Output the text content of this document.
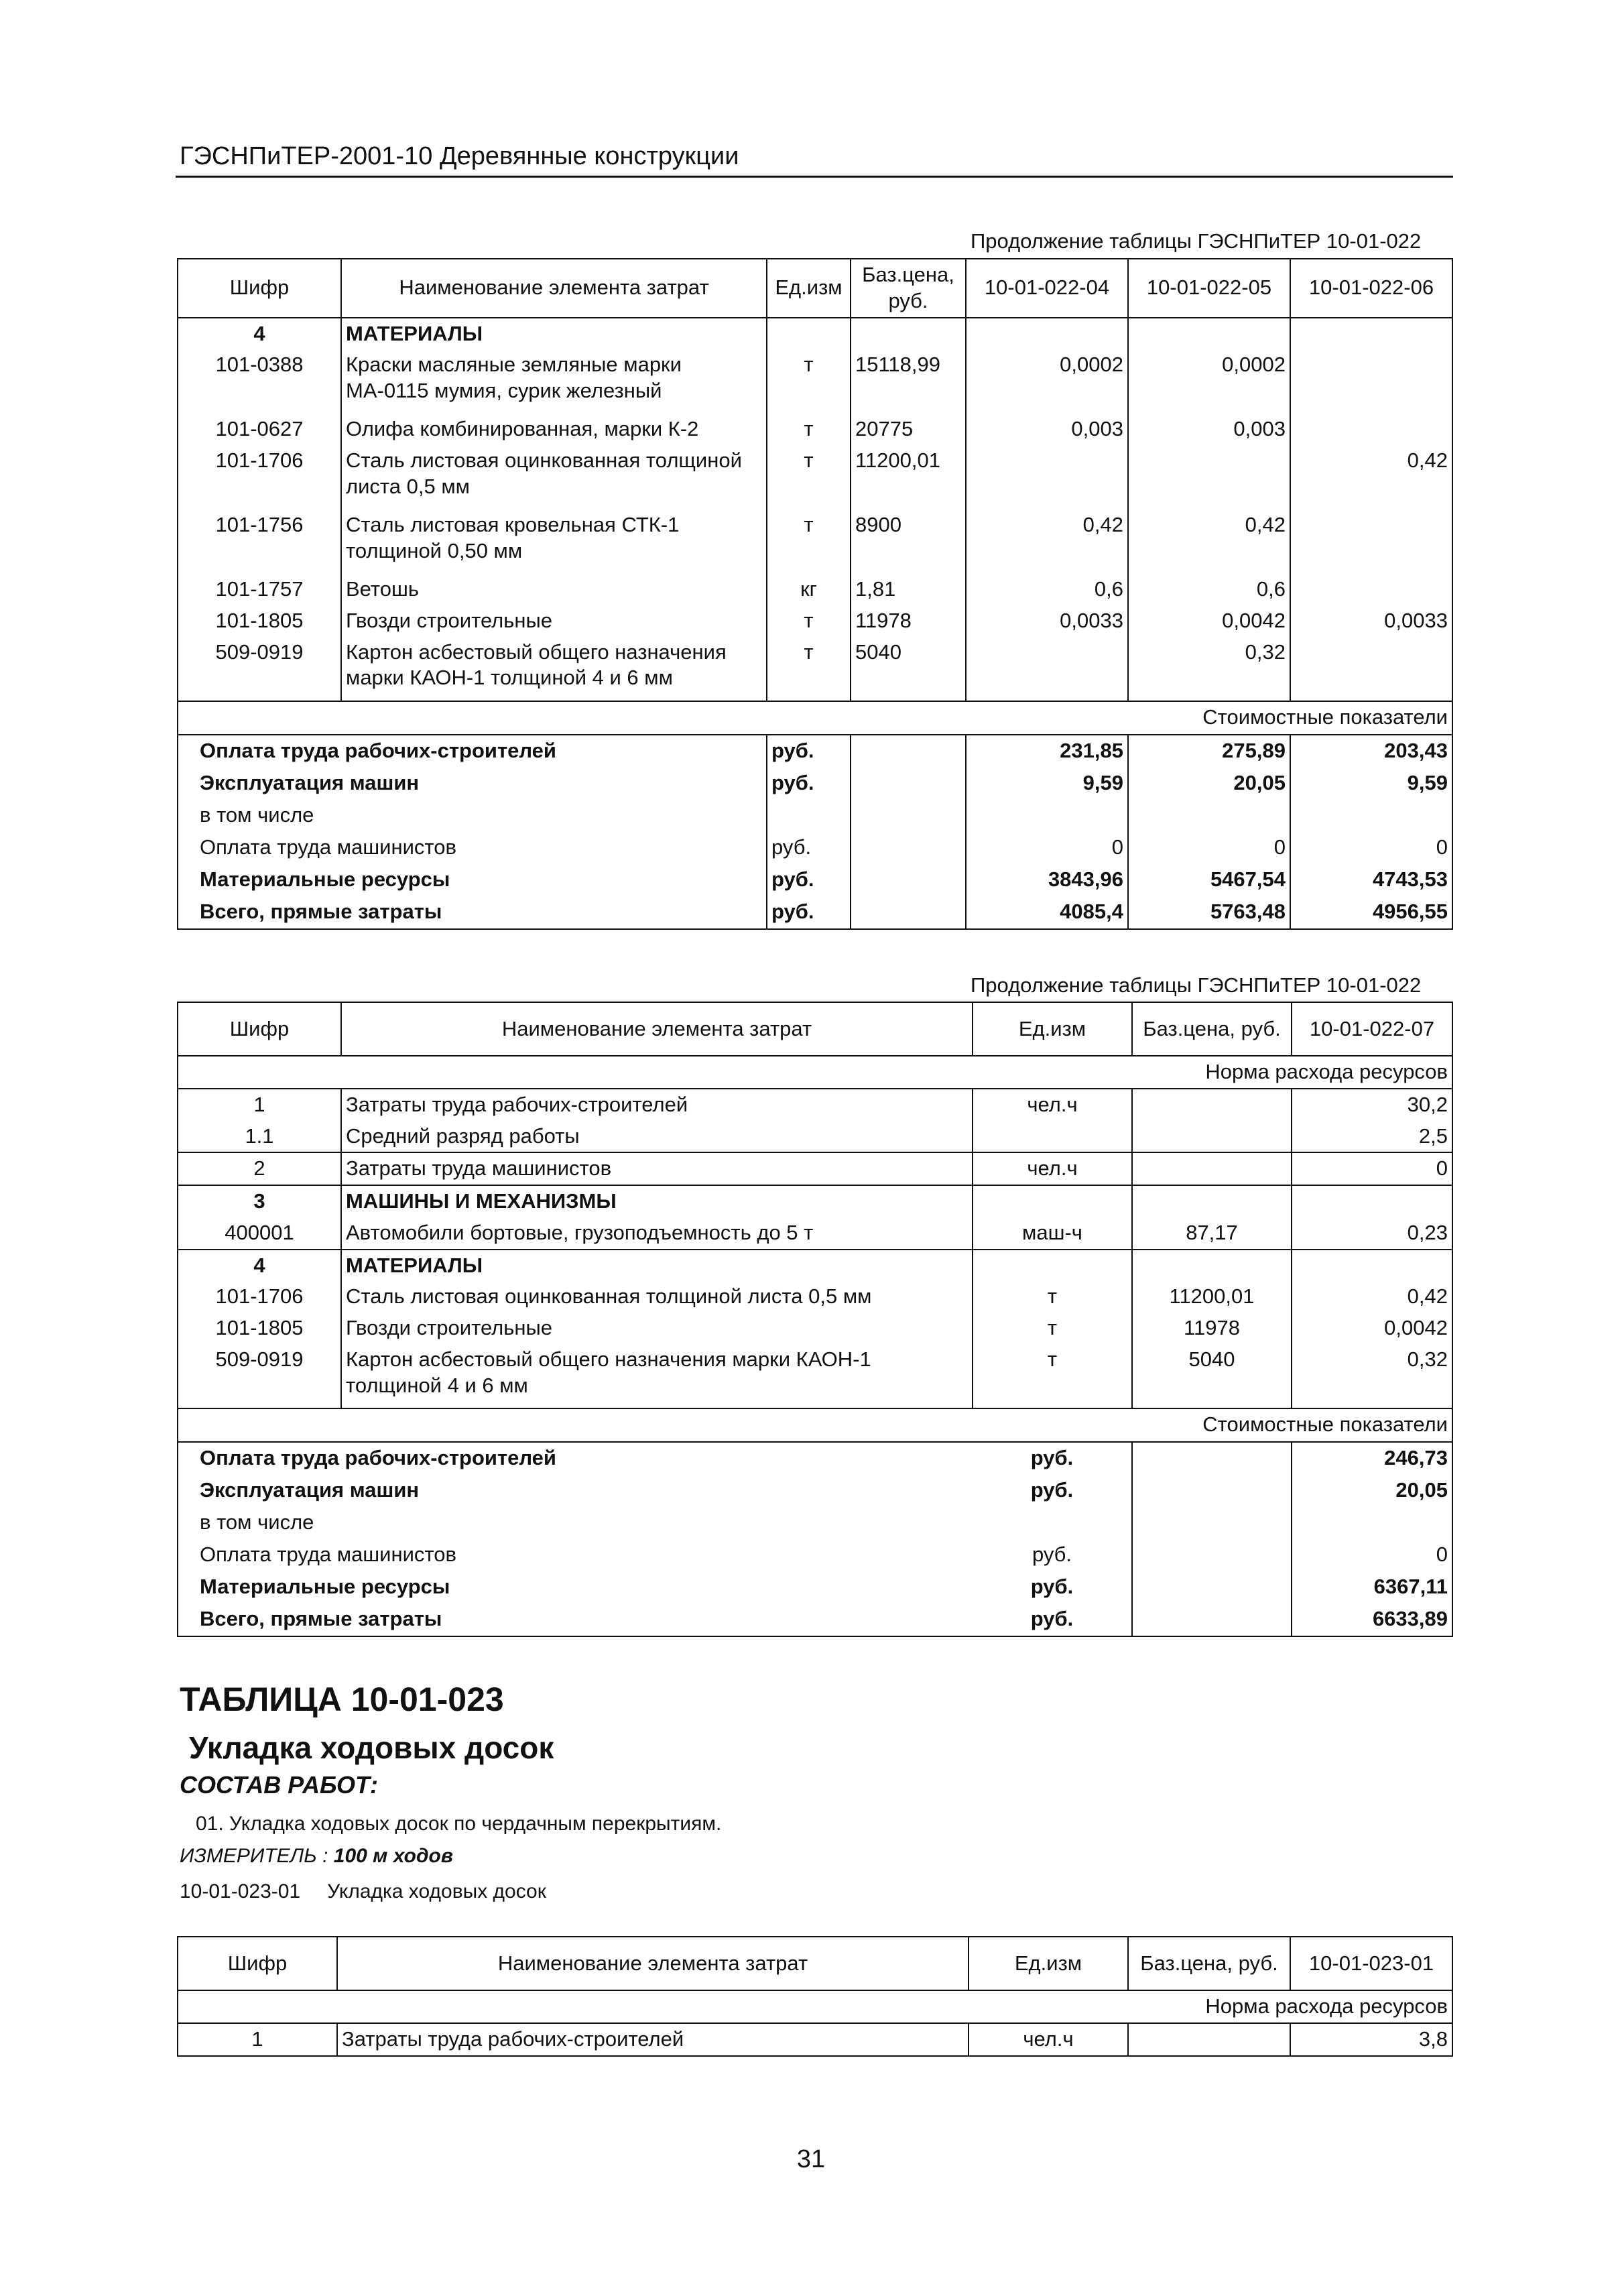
ГЭСНПиТЕР-2001-10 Деревянные конструкции
Продолжение таблицы ГЭСНПиТЕР 10-01-022
Шифр	Наименование элемента затрат	Ед.изм	Баз.цена, руб.	10-01-022-04	10-01-022-05	10-01-022-06
4	МАТЕРИАЛЫ					
101-0388	Краски масляные земляные марки МА-0115 мумия, сурик железный	т	15118,99	0,0002	0,0002	
101-0627	Олифа комбинированная, марки К-2	т	20775	0,003	0,003	
101-1706	Сталь листовая оцинкованная толщиной листа 0,5 мм	т	11200,01			0,42
101-1756	Сталь листовая кровельная СТК-1 толщиной 0,50 мм	т	8900	0,42	0,42	
101-1757	Ветошь	кг	1,81	0,6	0,6	
101-1805	Гвозди строительные	т	11978	0,0033	0,0042	0,0033
509-0919	Картон асбестовый общего назначения марки КАОН-1 толщиной 4 и 6 мм	т	5040		0,32	
Стоимостные показатели						
Оплата труда рабочих-строителей		руб.		231,85	275,89	203,43
Эксплуатация машин		руб.		9,59	20,05	9,59
в том числе						
Оплата труда машинистов		руб.		0	0	0
Материальные ресурсы		руб.		3843,96	5467,54	4743,53
Всего, прямые затраты		руб.		4085,4	5763,48	4956,55
Продолжение таблицы ГЭСНПиТЕР 10-01-022
Шифр	Наименование элемента затрат	Ед.изм	Баз.цена, руб.	10-01-022-07
Норма расхода ресурсов				
1	Затраты труда рабочих-строителей	чел.ч		30,2
1.1	Средний разряд работы			2,5
2	Затраты труда машинистов	чел.ч		0
3	МАШИНЫ И МЕХАНИЗМЫ			
400001	Автомобили бортовые, грузоподъемность до 5 т	маш-ч	87,17	0,23
4	МАТЕРИАЛЫ			
101-1706	Сталь листовая оцинкованная толщиной листа 0,5 мм	т	11200,01	0,42
101-1805	Гвозди строительные	т	11978	0,0042
509-0919	Картон асбестовый общего назначения марки КАОН-1 толщиной 4 и 6 мм	т	5040	0,32
Стоимостные показатели				
Оплата труда рабочих-строителей		руб.		246,73
Эксплуатация машин		руб.		20,05
в том числе				
Оплата труда машинистов		руб.		0
Материальные ресурсы		руб.		6367,11
Всего, прямые затраты		руб.		6633,89
ТАБЛИЦА 10-01-023
Укладка ходовых досок
СОСТАВ РАБОТ:
01. Укладка ходовых досок по чердачным перекрытиям.
ИЗМЕРИТЕЛЬ : 100 м ходов
10-01-023-01 Укладка ходовых досок
Шифр	Наименование элемента затрат	Ед.изм	Баз.цена, руб.	10-01-023-01
Норма расхода ресурсов				
1	Затраты труда рабочих-строителей	чел.ч		3,8
31
